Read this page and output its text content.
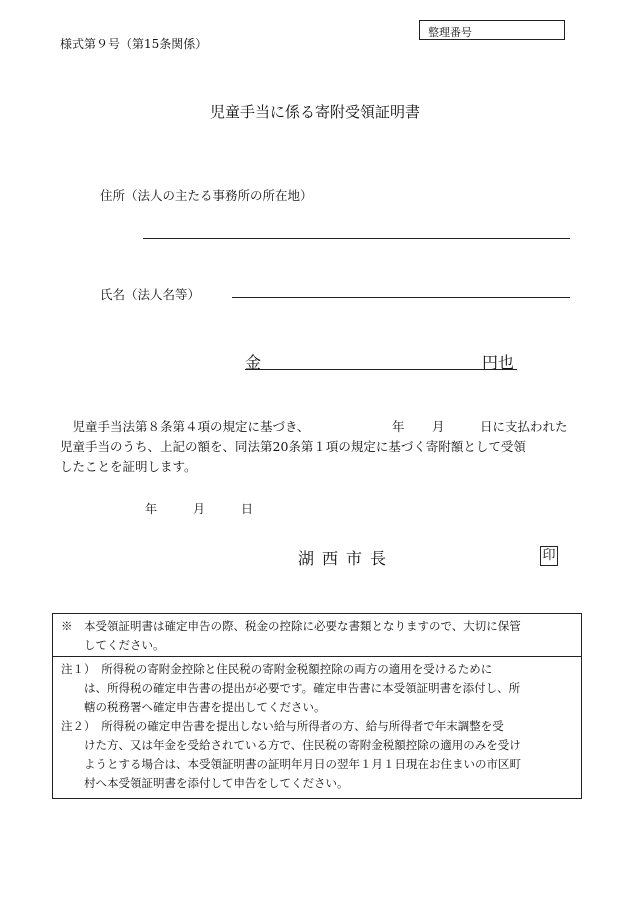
様式第９号（第15条関係）
整理番号
児童手当に係る寄附受領証明書
住所（法人の主たる事務所の所在地）
氏名（法人名等）
金	円也
　児童手当法第８条第４項の規定に基づき、	年 月	日に支払われた
児童手当のうち、上記の額を、同法第20条第１項の規定に基づく寄附額として受領
したことを証明します。
年	月	日
湖西市長	印
※　本受領証明書は確定申告の際、税金の控除に必要な書類となりますので、大切に保管
　　してください。
注１）　所得税の寄附金控除と住民税の寄附金税額控除の両方の適用を受けるために
　　は、所得税の確定申告書の提出が必要です。確定申告書に本受領証明書を添付し、所
　　轄の税務署へ確定申告書を提出してください。
注２）　所得税の確定申告書を提出しない給与所得者の方、給与所得者で年末調整を受
　　けた方、又は年金を受給されている方で、住民税の寄附金税額控除の適用のみを受け
　　ようとする場合は、本受領証明書の証明年月日の翌年１月１日現在お住まいの市区町
　　村へ本受領証明書を添付して申告をしてください。
